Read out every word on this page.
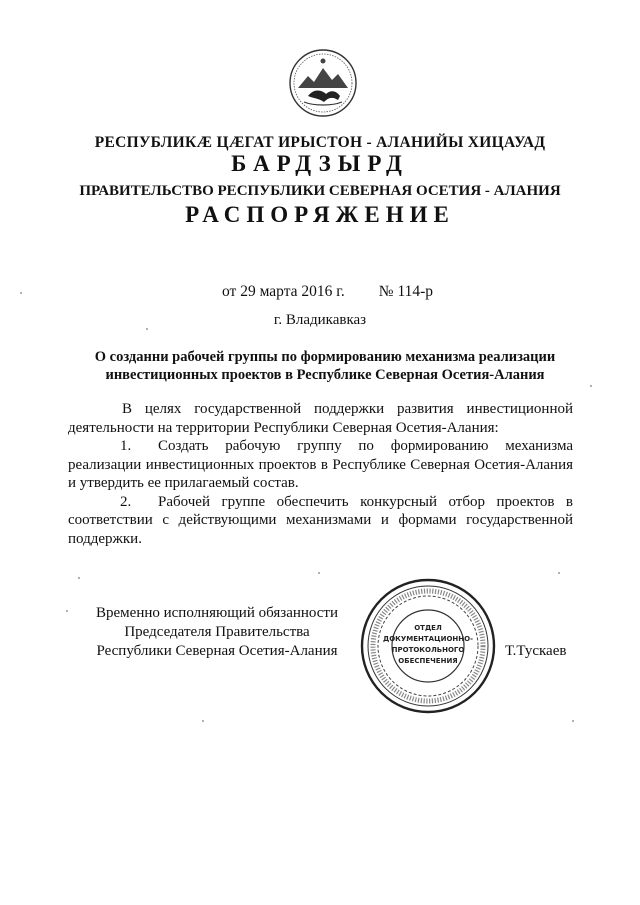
РЕСПУБЛИКӔ ЦӔГАТ ИРЫСТОН - АЛАНИЙЫ ХИЦАУАД
БАРДЗЫРД
ПРАВИТЕЛЬСТВО РЕСПУБЛИКИ СЕВЕРНАЯ ОСЕТИЯ - АЛАНИЯ
РАСПОРЯЖЕНИЕ
от 29 марта 2016 г. № 114-р
г. Владикавказ
О созданни рабочей группы по формированию механизма реализации
инвестиционных проектов в Республике Северная Осетия-Алания

В целях государственной поддержки развития инвестиционной деятельности на территории Республики Северная Осетия-Алания:

1. Создать рабочую группу по формированию механизма реализации инвестиционных проектов в Республике Северная Осетия-Алания и утвердить ее прилагаемый состав.

2. Рабочей группе обеспечить конкурсный отбор проектов в соответствии с действующими механизмами и формами государственной поддержки.

Временно исполняющий обязанности
Председателя Правительства
Республики Северная Осетия-Алания
ОТДЕЛ
ДОКУМЕНТАЦИОННО-
ПРОТОКОЛЬНОГО
ОБЕСПЕЧЕНИЯ
Т.Тускаев
